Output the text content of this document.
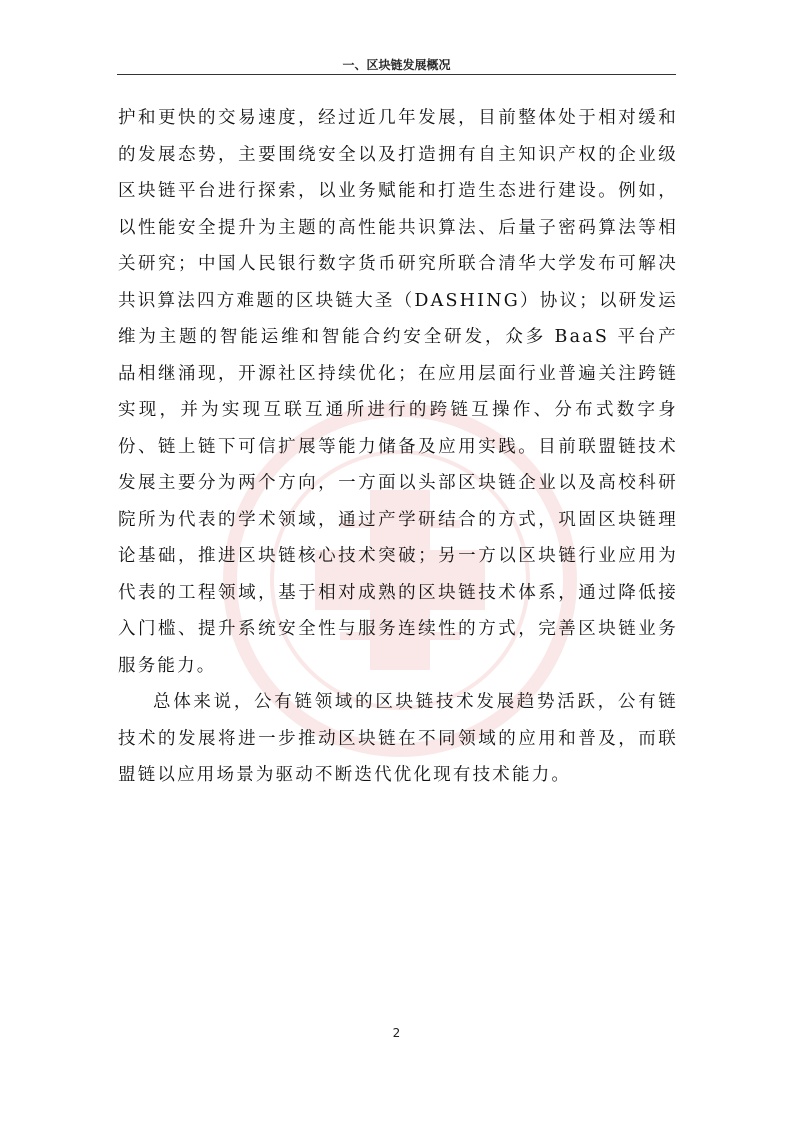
一、区块链发展概况

护和更快的交易速度，经过近几年发展，目前整体处于相对缓和的发展态势，主要围绕安全以及打造拥有自主知识产权的企业级区块链平台进行探索，以业务赋能和打造生态进行建设。例如，以性能安全提升为主题的高性能共识算法、后量子密码算法等相关研究；中国人民银行数字货币研究所联合清华大学发布可解决共识算法四方难题的区块链大圣（DASHING）协议；以研发运维为主题的智能运维和智能合约安全研发，众多 BaaS 平台产品相继涌现，开源社区持续优化；在应用层面行业普遍关注跨链实现，并为实现互联互通所进行的跨链互操作、分布式数字身份、链上链下可信扩展等能力储备及应用实践。目前联盟链技术发展主要分为两个方向，一方面以头部区块链企业以及高校科研院所为代表的学术领域，通过产学研结合的方式，巩固区块链理论基础，推进区块链核心技术突破；另一方以区块链行业应用为代表的工程领域，基于相对成熟的区块链技术体系，通过降低接入门槛、提升系统安全性与服务连续性的方式，完善区块链业务服务能力。

总体来说，公有链领域的区块链技术发展趋势活跃，公有链技术的发展将进一步推动区块链在不同领域的应用和普及，而联盟链以应用场景为驱动不断迭代优化现有技术能力。

2
